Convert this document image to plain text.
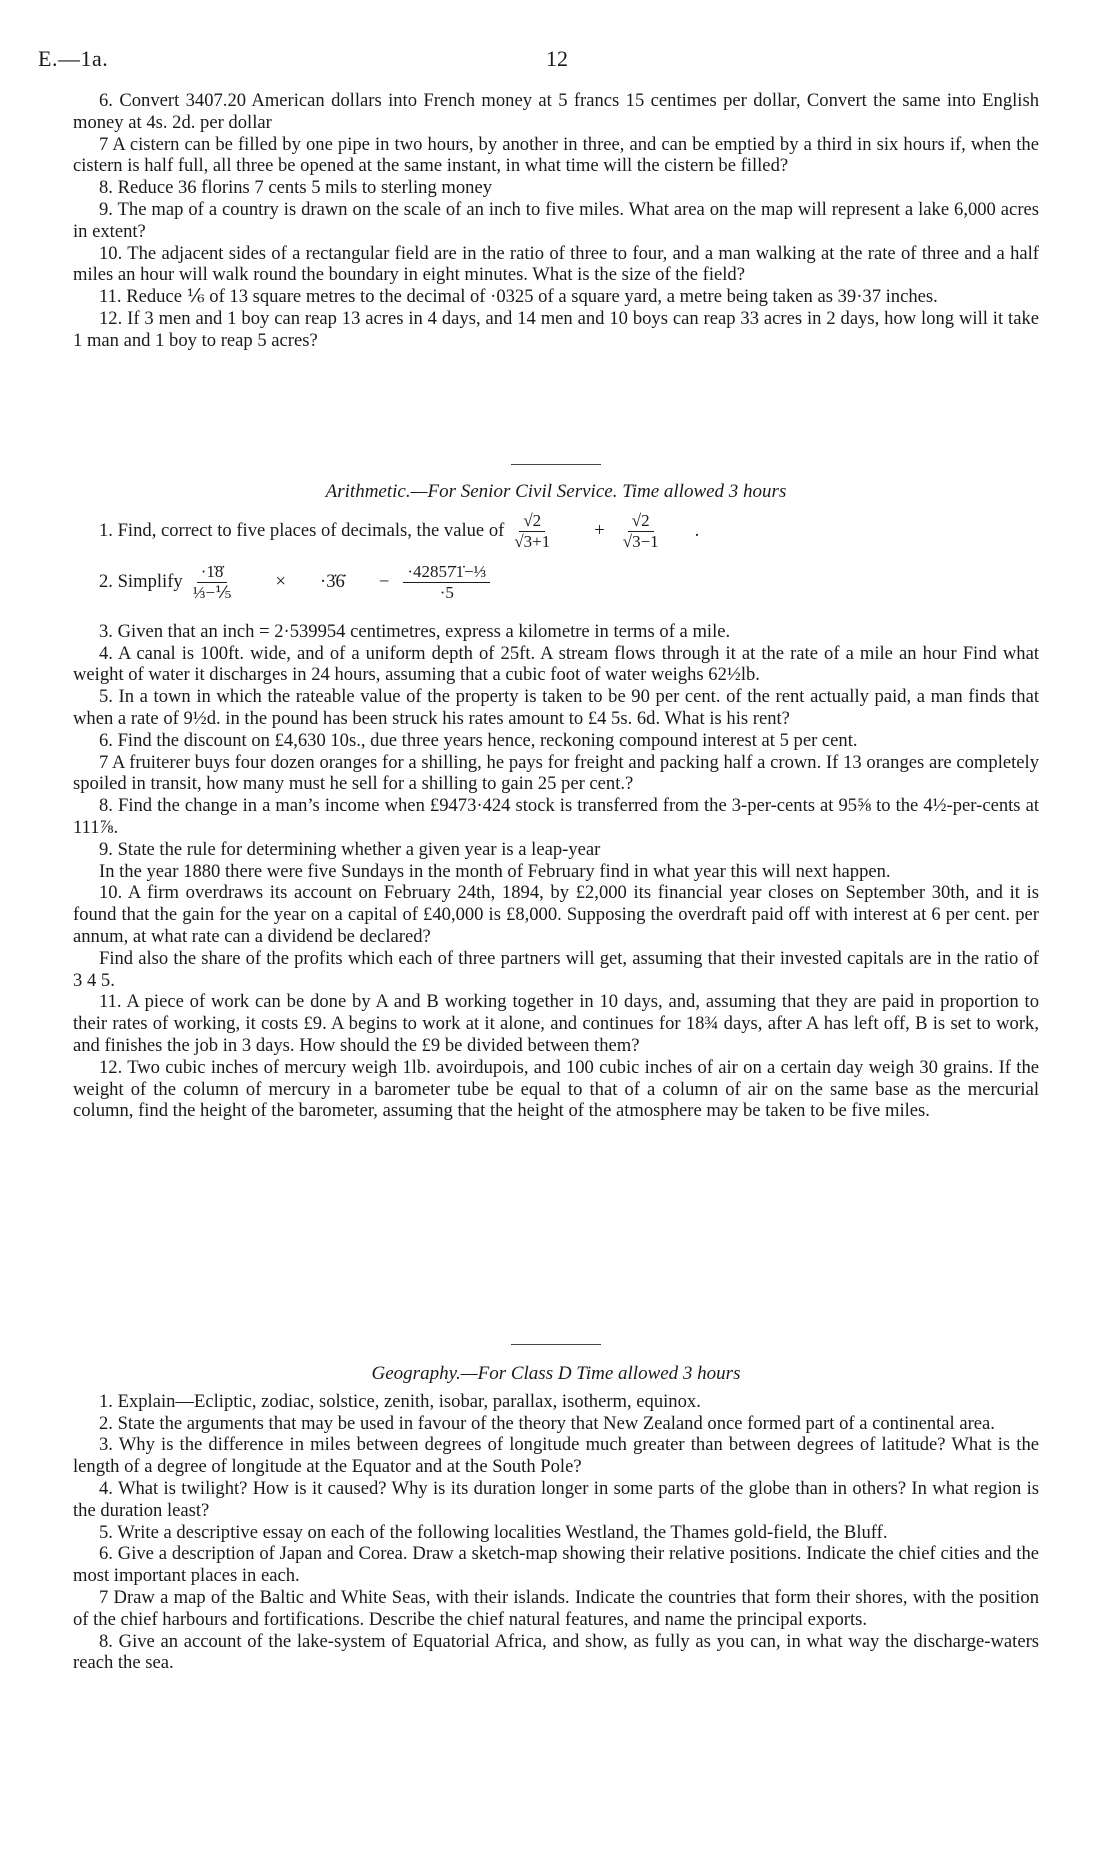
E.—1a.	12

6. Convert 3407.20 American dollars into French money at 5 francs 15 centimes per dollar, Convert the same into English money at 4s. 2d. per dollar

7 A cistern can be filled by one pipe in two hours, by another in three, and can be emptied by a third in six hours if, when the cistern is half full, all three be opened at the same instant, in what time will the cistern be filled?

8. Reduce 36 florins 7 cents 5 mils to sterling money

9. The map of a country is drawn on the scale of an inch to five miles. What area on the map will represent a lake 6,000 acres in extent?

10. The adjacent sides of a rectangular field are in the ratio of three to four, and a man walking at the rate of three and a half miles an hour will walk round the boundary in eight minutes. What is the size of the field?

11. Reduce ⅙ of 13 square metres to the decimal of ·0325 of a square yard, a metre being taken as 39·37 inches.

12. If 3 men and 1 boy can reap 13 acres in 4 days, and 14 men and 10 boys can reap 33 acres in 2 days, how long will it take 1 man and 1 boy to reap 5 acres?

Arithmetic.—For Senior Civil Service. Time allowed 3 hours

1. Find, correct to five places of decimals, the value of $\frac{√2}{√3+1}$	+ $\frac{√2}{√3-1}$	.
2. Simplify $\frac{\cdot 1̇8̇}{\text{⅓−⅕}}$	×	·3̇6̇	− $\frac{\text{·42857̇1̇−⅓}}{\cdot 5}$

3. Given that an inch = 2·539954 centimetres, express a kilometre in terms of a mile.

4. A canal is 100ft. wide, and of a uniform depth of 25ft. A stream flows through it at the rate of a mile an hour Find what weight of water it discharges in 24 hours, assuming that a cubic foot of water weighs 62½lb.

5. In a town in which the rateable value of the property is taken to be 90 per cent. of the rent actually paid, a man finds that when a rate of 9½d. in the pound has been struck his rates amount to £4 5s. 6d. What is his rent?

6. Find the discount on £4,630 10s., due three years hence, reckoning compound interest at 5 per cent.

7 A fruiterer buys four dozen oranges for a shilling, he pays for freight and packing half a crown. If 13 oranges are completely spoiled in transit, how many must he sell for a shilling to gain 25 per cent.?

8. Find the change in a man’s income when £9473·424 stock is transferred from the 3-per-cents at 95⅝ to the 4½-per-cents at 111⅞.

9. State the rule for determining whether a given year is a leap-year

In the year 1880 there were five Sundays in the month of February find in what year this will next happen.

10. A firm overdraws its account on February 24th, 1894, by £2,000 its financial year closes on September 30th, and it is found that the gain for the year on a capital of £40,000 is £8,000. Supposing the overdraft paid off with interest at 6 per cent. per annum, at what rate can a dividend be declared?

Find also the share of the profits which each of three partners will get, assuming that their invested capitals are in the ratio of 3 4 5.

11. A piece of work can be done by A and B working together in 10 days, and, assuming that they are paid in proportion to their rates of working, it costs £9. A begins to work at it alone, and continues for 18¾ days, after A has left off, B is set to work, and finishes the job in 3 days. How should the £9 be divided between them?

12. Two cubic inches of mercury weigh 1lb. avoirdupois, and 100 cubic inches of air on a certain day weigh 30 grains. If the weight of the column of mercury in a barometer tube be equal to that of a column of air on the same base as the mercurial column, find the height of the barometer, assuming that the height of the atmosphere may be taken to be five miles.

Geography.—For Class D Time allowed 3 hours

1. Explain—Ecliptic, zodiac, solstice, zenith, isobar, parallax, isotherm, equinox.

2. State the arguments that may be used in favour of the theory that New Zealand once formed part of a continental area.

3. Why is the difference in miles between degrees of longitude much greater than between degrees of latitude? What is the length of a degree of longitude at the Equator and at the South Pole?

4. What is twilight? How is it caused? Why is its duration longer in some parts of the globe than in others? In what region is the duration least?

5. Write a descriptive essay on each of the following localities Westland, the Thames gold-field, the Bluff.

6. Give a description of Japan and Corea. Draw a sketch-map showing their relative positions. Indicate the chief cities and the most important places in each.

7 Draw a map of the Baltic and White Seas, with their islands. Indicate the countries that form their shores, with the position of the chief harbours and fortifications. Describe the chief natural features, and name the principal exports.

8. Give an account of the lake-system of Equatorial Africa, and show, as fully as you can, in what way the discharge-waters reach the sea.
